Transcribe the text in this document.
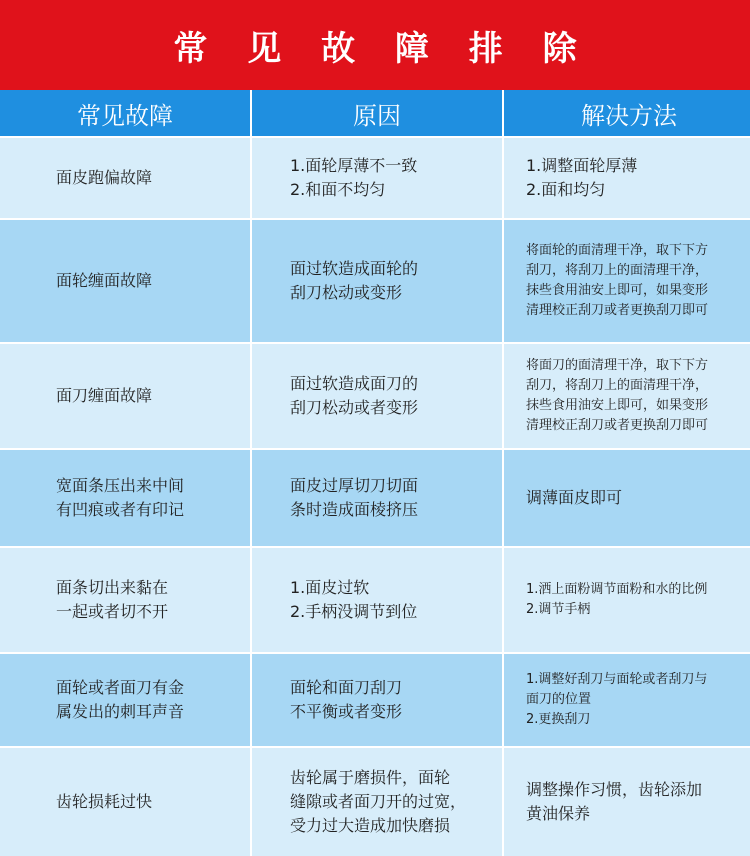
常 见 故 障 排 除
常见故障	原因	解决方法
面皮跑偏故障
1.面轮厚薄不一致
2.和面不均匀
1.调整面轮厚薄
2.面和均匀
面轮缠面故障
面过软造成面轮的
刮刀松动或变形
将面轮的面清理干净，取下下方
刮刀，将刮刀上的面清理干净，
抹些食用油安上即可，如果变形
清理校正刮刀或者更换刮刀即可
面刀缠面故障
面过软造成面刀的
刮刀松动或者变形
将面刀的面清理干净，取下下方
刮刀，将刮刀上的面清理干净，
抹些食用油安上即可，如果变形
清理校正刮刀或者更换刮刀即可
宽面条压出来中间
有凹痕或者有印记
面皮过厚切刀切面
条时造成面棱挤压
调薄面皮即可
面条切出来黏在
一起或者切不开
1.面皮过软
2.手柄没调节到位
1.洒上面粉调节面粉和水的比例
2.调节手柄
面轮或者面刀有金
属发出的刺耳声音
面轮和面刀刮刀
不平衡或者变形
1.调整好刮刀与面轮或者刮刀与
面刀的位置
2.更换刮刀
齿轮损耗过快
齿轮属于磨损件，面轮
缝隙或者面刀开的过宽，
受力过大造成加快磨损
调整操作习惯，齿轮添加
黄油保养
